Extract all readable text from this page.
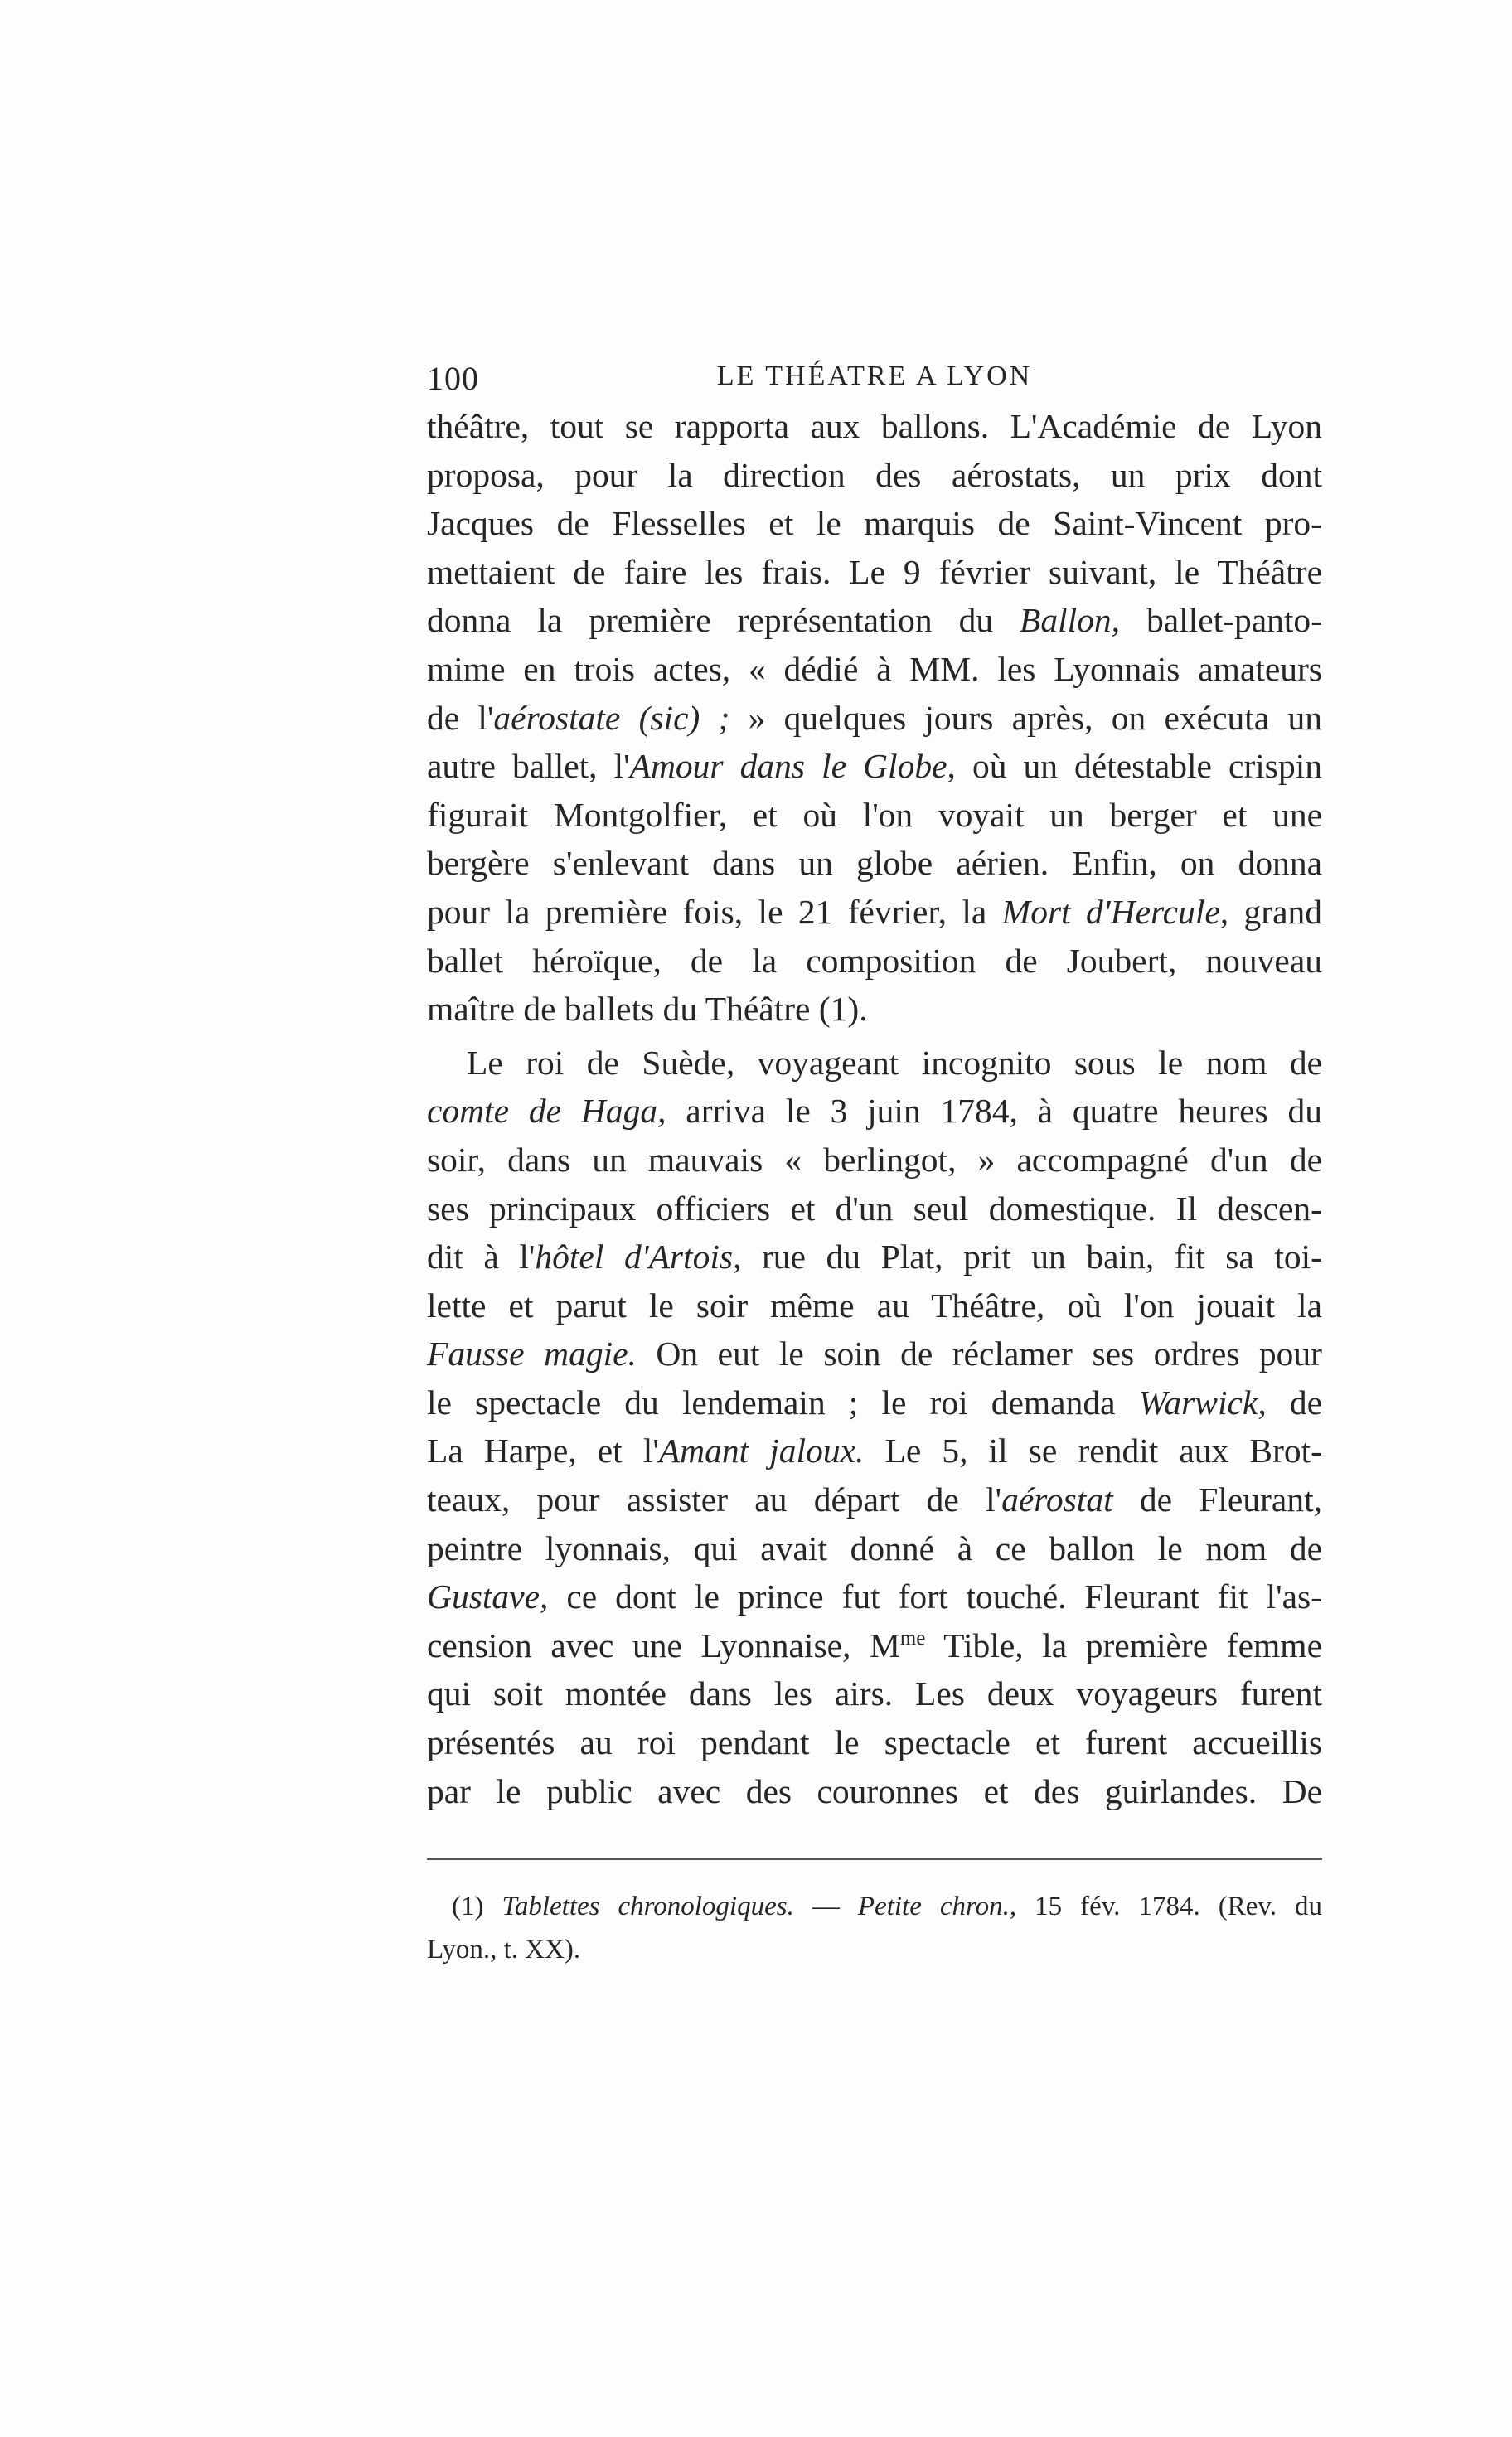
100	LE THÉATRE A LYON

théâtre, tout se rapporta aux ballons. L'Académie de Lyon
proposa, pour la direction des aérostats, un prix dont
Jacques de Flesselles et le marquis de Saint-Vincent pro-
mettaient de faire les frais. Le 9 février suivant, le Théâtre
donna la première représentation du Ballon, ballet-panto-
mime en trois actes, « dédié à MM. les Lyonnais amateurs
de l'aérostate (sic) ; » quelques jours après, on exécuta un
autre ballet, l'Amour dans le Globe, où un détestable crispin
figurait Montgolfier, et où l'on voyait un berger et une
bergère s'enlevant dans un globe aérien. Enfin, on donna
pour la première fois, le 21 février, la Mort d'Hercule, grand
ballet héroïque, de la composition de Joubert, nouveau
maître de ballets du Théâtre (1).

Le roi de Suède, voyageant incognito sous le nom de
comte de Haga, arriva le 3 juin 1784, à quatre heures du
soir, dans un mauvais « berlingot, » accompagné d'un de
ses principaux officiers et d'un seul domestique. Il descen-
dit à l'hôtel d'Artois, rue du Plat, prit un bain, fit sa toi-
lette et parut le soir même au Théâtre, où l'on jouait la
Fausse magie. On eut le soin de réclamer ses ordres pour
le spectacle du lendemain ; le roi demanda Warwick, de
La Harpe, et l'Amant jaloux. Le 5, il se rendit aux Brot-
teaux, pour assister au départ de l'aérostat de Fleurant,
peintre lyonnais, qui avait donné à ce ballon le nom de
Gustave, ce dont le prince fut fort touché. Fleurant fit l'as-
cension avec une Lyonnaise, $M^{me}$ Tible, la première femme
qui soit montée dans les airs. Les deux voyageurs furent
présentés au roi pendant le spectacle et furent accueillis
par le public avec des couronnes et des guirlandes. De

(1) Tablettes chronologiques. — Petite chron., 15 fév. 1784. (Rev. du
Lyon., t. XX).
